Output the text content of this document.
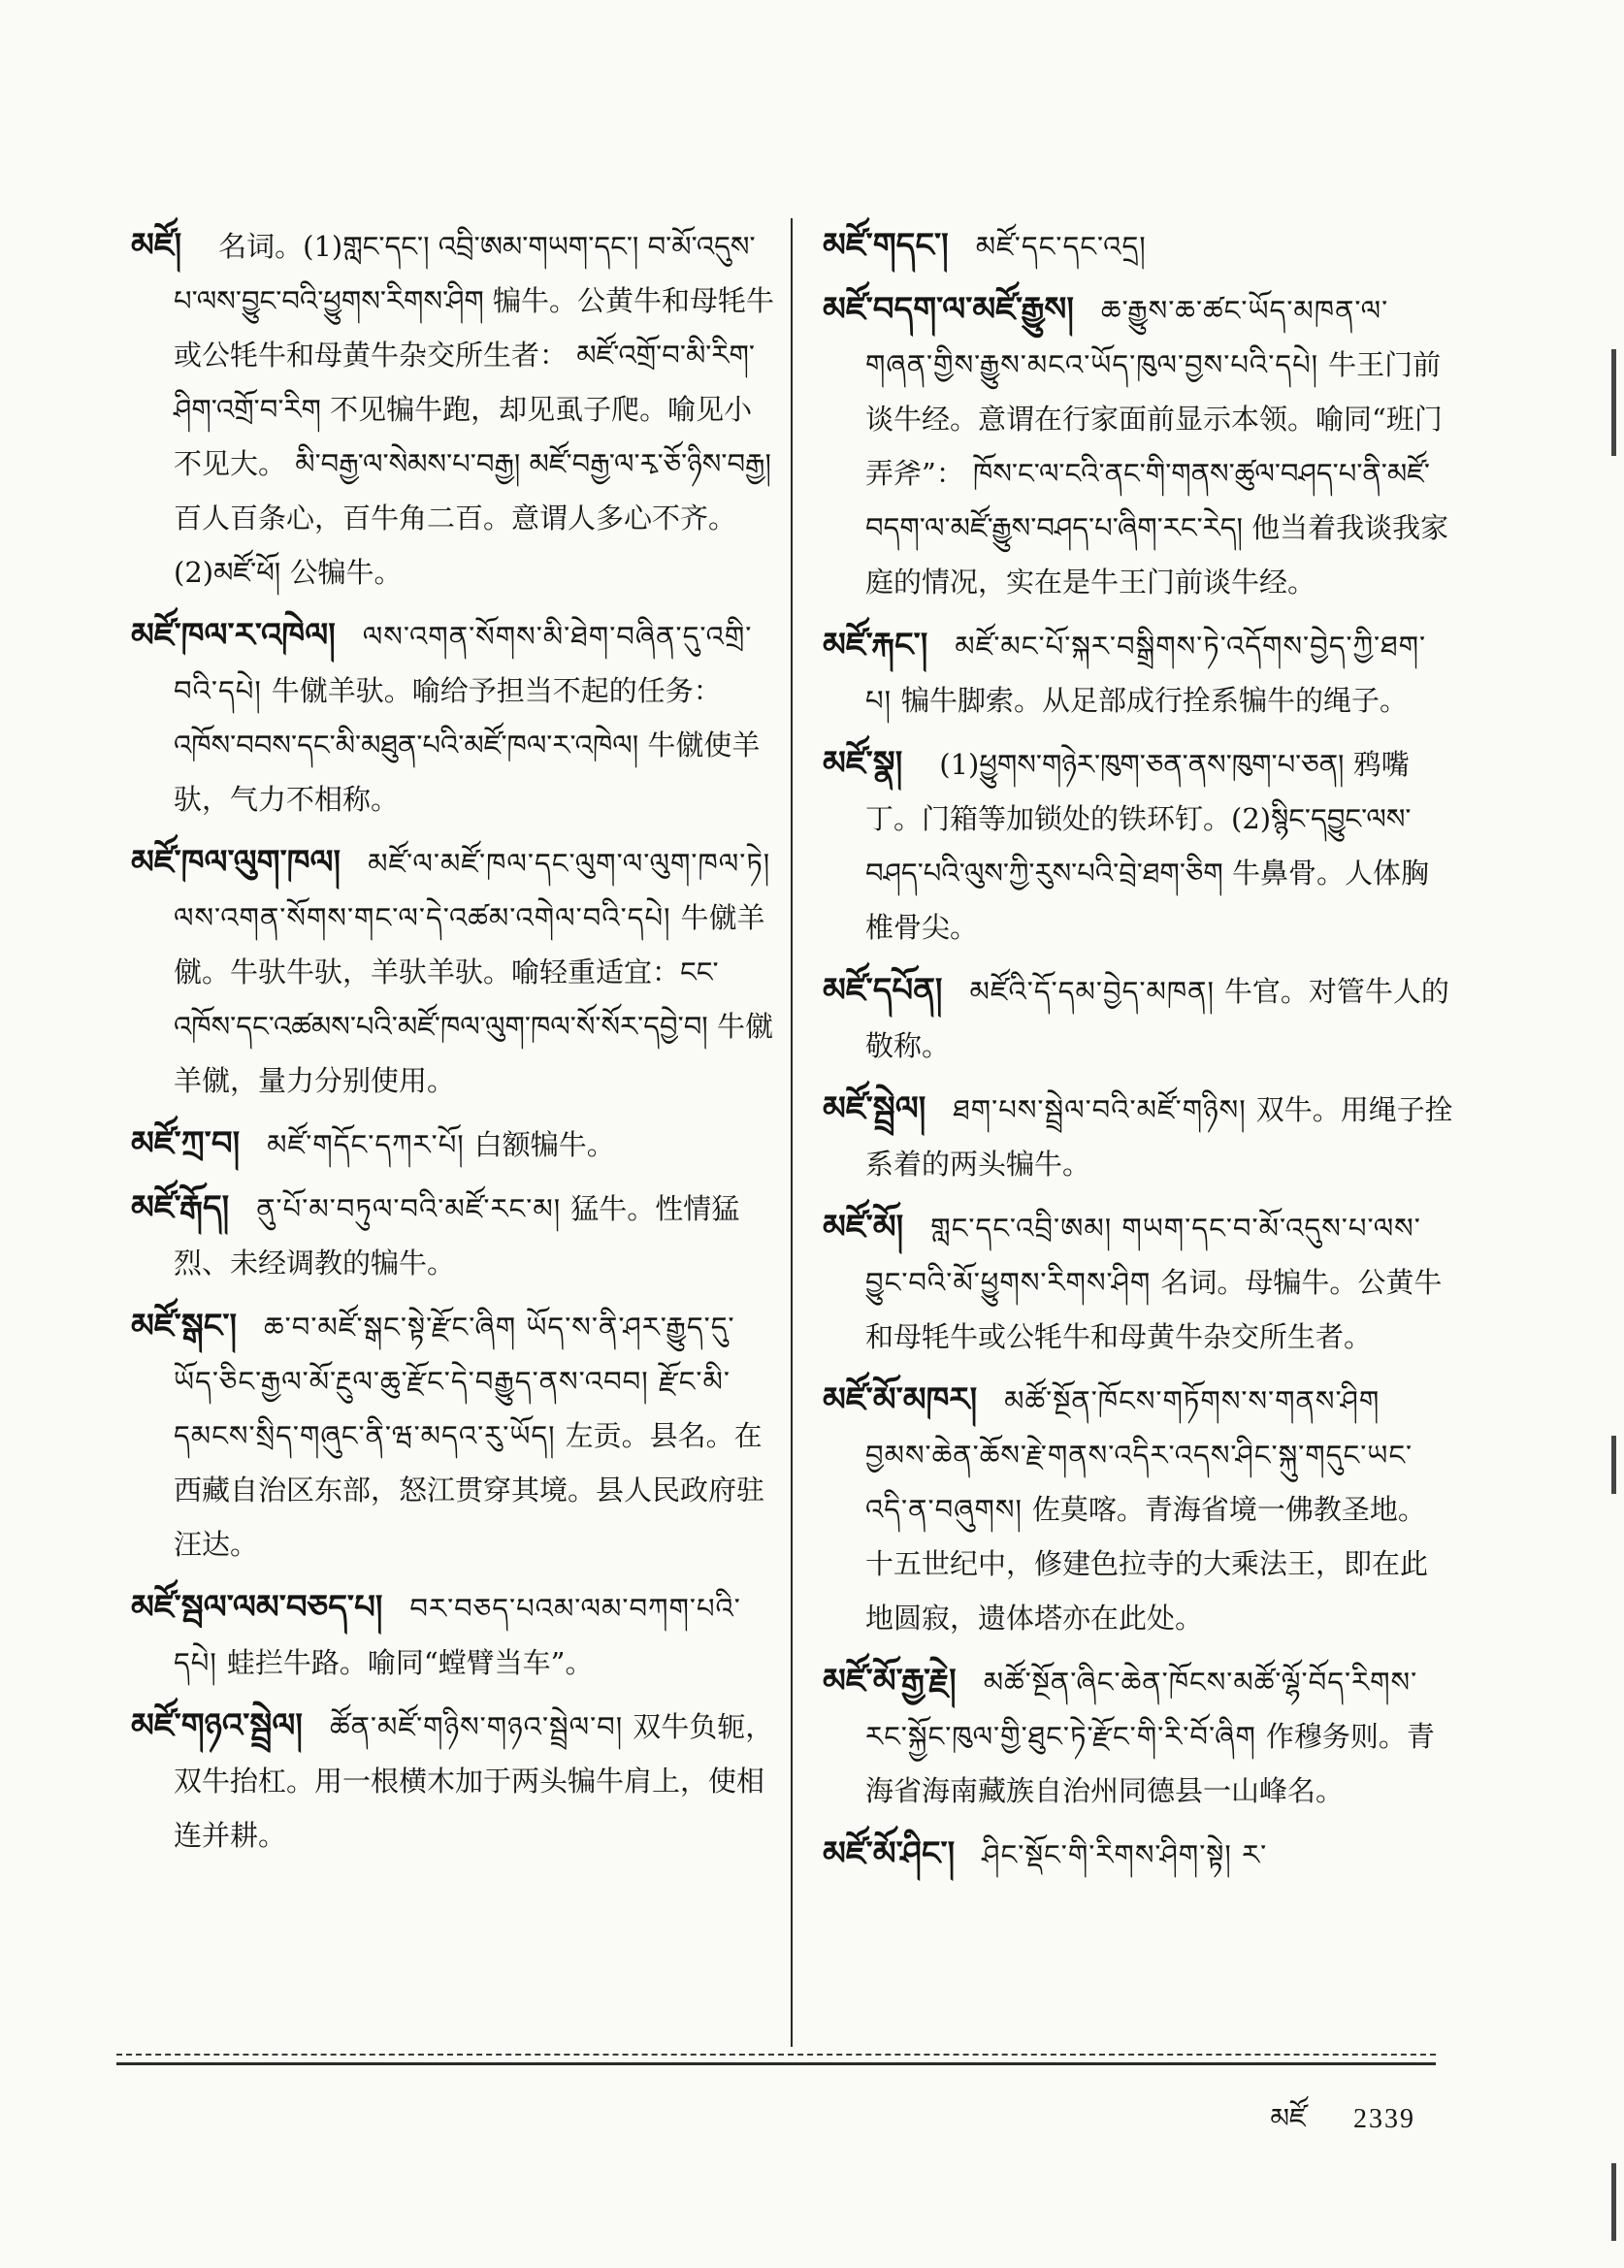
མཛོ། 名词。(1)གླང་དང་། འབྲི་ཨམ་གཡག་དང་། བ་མོ་འདུས་པ་ལས་བྱུང་བའི་ཕྱུགས་རིགས་ཤིག 犏牛。公黄牛和母牦牛或公牦牛和母黄牛杂交所生者： མཛོ་འགྲོ་བ་མི་རིག་ཤིག་འགྲོ་བ་རིག 不见犏牛跑，却见虱子爬。喻见小不见大。 མི་བརྒྱ་ལ་སེམས་པ་བརྒྱ། མཛོ་བརྒྱ་ལ་རྭ་ཅོ་ཉིས་བརྒྱ། 百人百条心，百牛角二百。意谓人多心不齐。(2)མཛོ་ཕོ། 公犏牛。

མཛོ་ཁལ་ར་འཁེལ། ལས་འགན་སོགས་མི་ཐེག་བཞིན་དུ་འགྲི་བའི་དཔེ། 牛僦羊驮。喻给予担当不起的任务： འཁོས་བབས་དང་མི་མཐུན་པའི་མཛོ་ཁལ་ར་འཁེལ། 牛僦使羊驮，气力不相称。

མཛོ་ཁལ་ལུག་ཁལ། མཛོ་ལ་མཛོ་ཁལ་དང་ལུག་ལ་ལུག་ཁལ་ཏེ། ལས་འགན་སོགས་གང་ལ་དེ་འཚམ་འགེལ་བའི་དཔེ། 牛僦羊僦。牛驮牛驮，羊驮羊驮。喻轻重适宜：ངང་འཁོས་དང་འཚམས་པའི་མཛོ་ཁལ་ལུག་ཁལ་སོ་སོར་དབྱེ་བ། 牛僦羊僦，量力分别使用。

མཛོ་ཀྲ་བ། མཛོ་གདོང་དཀར་པོ། 白额犏牛。

མཛོ་རྒོད། ནུ་པོ་མ་བཏུལ་བའི་མཛོ་རང་མ། 猛牛。性情猛烈、未经调教的犏牛。

མཛོ་སྒང་། ཆ་བ་མཛོ་སྒང་སྟེ་རྫོང་ཞིག ཡོད་ས་ནི་ཤར་རྒྱུད་དུ་ཡོད་ཅིང་རྒྱལ་མོ་རྔུལ་ཆུ་རྫོང་དེ་བརྒྱུད་ནས་འབབ། རྫོང་མི་དམངས་སྲིད་གཞུང་ནི་ཝ་མདའ་རུ་ཡོད། 左贡。县名。在西藏自治区东部，怒江贯穿其境。县人民政府驻汪达。

མཛོ་སྦལ་ལམ་བཅད་པ། བར་བཅད་པའམ་ལམ་བཀག་པའི་དཔེ། 蛙拦牛路。喻同“螳臂当车”。

མཛོ་གཉའ་སྦྲེལ། ཚོན་མཛོ་གཉིས་གཉའ་སྦྲེལ་བ། 双牛负轭，双牛抬杠。用一根横木加于两头犏牛肩上，使相连并耕。

མཛོ་གདང་། མཛོ་དང་དང་འདྲ།

མཛོ་བདག་ལ་མཛོ་རྒྱུས། ཆ་རྒྱུས་ཆ་ཚང་ཡོད་མཁན་ལ་གཞན་གྱིས་རྒྱུས་མངའ་ཡོད་ཁུལ་བྱས་པའི་དཔེ། 牛王门前谈牛经。意谓在行家面前显示本领。喻同“班门弄斧”： ཁོས་ང་ལ་ངའི་ནང་གི་གནས་ཚུལ་བཤད་པ་ནི་མཛོ་བདག་ལ་མཛོ་རྒྱུས་བཤད་པ་ཞིག་རང་རེད། 他当着我谈我家庭的情况，实在是牛王门前谈牛经。

མཛོ་རྐང་། མཛོ་མང་པོ་སྐར་བསྒྲིགས་ཏེ་འདོགས་བྱེད་ཀྱི་ཐག་པ། 犏牛脚索。从足部成行拴系犏牛的绳子。

མཛོ་སྣ། (1)ཕྱུགས་གཉེར་ཁུག་ཅན་ནས་ཁུག་པ་ཅན། 鸦嘴丁。门箱等加锁处的铁环钉。(2)སྙིང་དབྱུང་ལས་བཤད་པའི་ལུས་ཀྱི་རུས་པའི་བྲེ་ཐག་ཅིག 牛鼻骨。人体胸椎骨尖。

མཛོ་དཔོན། མཛོའི་དོ་དམ་བྱེད་མཁན། 牛官。对管牛人的敬称。

མཛོ་སྦྲེལ། ཐག་པས་སྦྲེལ་བའི་མཛོ་གཉིས། 双牛。用绳子拴系着的两头犏牛。

མཛོ་མོ། གླང་དང་འབྲི་ཨམ། གཡག་དང་བ་མོ་འདུས་པ་ལས་བྱུང་བའི་མོ་ཕྱུགས་རིགས་ཤིག 名词。母犏牛。公黄牛和母牦牛或公牦牛和母黄牛杂交所生者。

མཛོ་མོ་མཁར། མཚོ་སྔོན་ཁོངས་གཏོགས་ས་གནས་ཤིག བྱམས་ཆེན་ཆོས་རྗེ་གནས་འདིར་འདས་ཤིང་སྐུ་གདུང་ཡང་འདི་ན་བཞུགས། 佐莫喀。青海省境一佛教圣地。十五世纪中，修建色拉寺的大乘法王，即在此地圆寂，遗体塔亦在此处。

མཛོ་མོ་རྒྱ་རྗེ། མཚོ་སྔོན་ཞིང་ཆེན་ཁོངས་མཚོ་ལྷོ་བོད་རིགས་རང་སྐྱོང་ཁུལ་གྱི་ཐུང་ཏེ་རྫོང་གི་རི་བོ་ཞིག 作穆务则。青海省海南藏族自治州同德县一山峰名。

མཛོ་མོ་ཤིང་། ཤིང་སྡོང་གི་རིགས་ཤིག་སྟེ། ར་

མཛོ 2339
